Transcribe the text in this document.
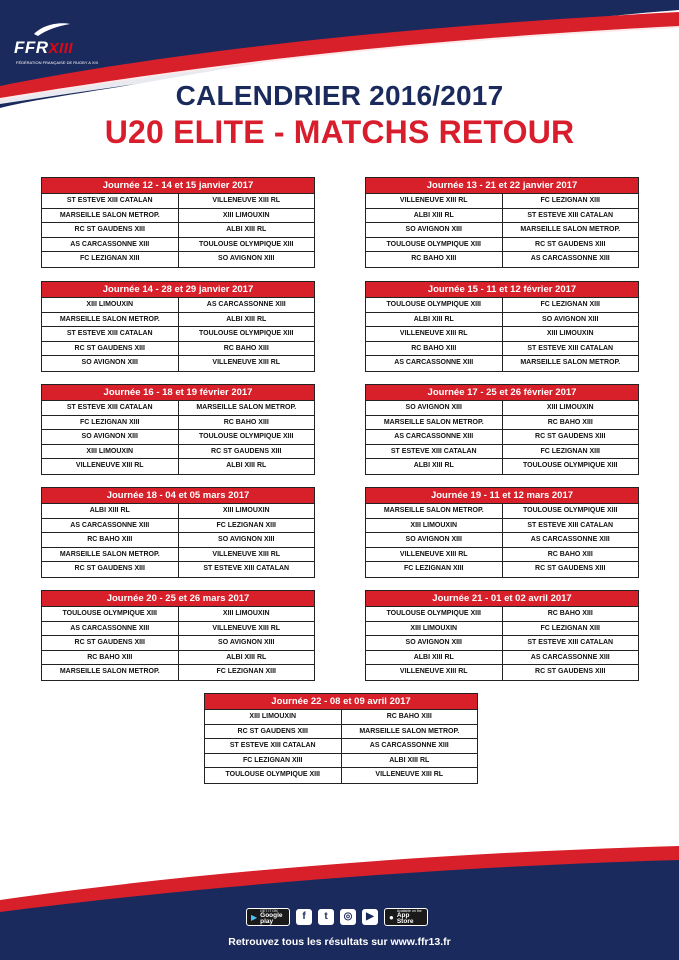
FFRXIII
FÉDÉRATION FRANÇAISE DE RUGBY A XIII
CALENDRIER 2016/2017
U20 ELITE - MATCHS RETOUR
Journée 12 - 14 et 15 janvier 2017
ST ESTEVE XIII CATALAN	VILLENEUVE XIII RL
MARSEILLE SALON METROP.	XIII LIMOUXIN
RC ST GAUDENS XIII	ALBI XIII RL
AS CARCASSONNE XIII	TOULOUSE OLYMPIQUE XIII
FC LEZIGNAN XIII	SO AVIGNON XIII
Journée 13 - 21 et 22 janvier 2017
VILLENEUVE XIII RL	FC LEZIGNAN XIII
ALBI XIII RL	ST ESTEVE XIII CATALAN
SO AVIGNON XIII	MARSEILLE SALON METROP.
TOULOUSE OLYMPIQUE XIII	RC ST GAUDENS XIII
RC BAHO XIII	AS CARCASSONNE XIII
Journée 14 - 28 et 29 janvier 2017
XIII LIMOUXIN	AS CARCASSONNE XIII
MARSEILLE SALON METROP.	ALBI XIII RL
ST ESTEVE XIII CATALAN	TOULOUSE OLYMPIQUE XIII
RC ST GAUDENS XIII	RC BAHO XIII
SO AVIGNON XIII	VILLENEUVE XIII RL
Journée 15 - 11 et 12 février 2017
TOULOUSE OLYMPIQUE XIII	FC LEZIGNAN XIII
ALBI XIII RL	SO AVIGNON XIII
VILLENEUVE XIII RL	XIII LIMOUXIN
RC BAHO XIII	ST ESTEVE XIII CATALAN
AS CARCASSONNE XIII	MARSEILLE SALON METROP.
Journée 16 - 18 et 19 février 2017
ST ESTEVE XIII CATALAN	MARSEILLE SALON METROP.
FC LEZIGNAN XIII	RC BAHO XIII
SO AVIGNON XIII	TOULOUSE OLYMPIQUE XIII
XIII LIMOUXIN	RC ST GAUDENS XIII
VILLENEUVE XIII RL	ALBI XIII RL
Journée 17 - 25 et 26 février 2017
SO AVIGNON XIII	XIII LIMOUXIN
MARSEILLE SALON METROP.	RC BAHO XIII
AS CARCASSONNE XIII	RC ST GAUDENS XIII
ST ESTEVE XIII CATALAN	FC LEZIGNAN XIII
ALBI XIII RL	TOULOUSE OLYMPIQUE XIII
Journée 18 - 04 et 05 mars 2017
ALBI XIII RL	XIII LIMOUXIN
AS CARCASSONNE XIII	FC LEZIGNAN XIII
RC BAHO XIII	SO AVIGNON XIII
MARSEILLE SALON METROP.	VILLENEUVE XIII RL
RC ST GAUDENS XIII	ST ESTEVE XIII CATALAN
Journée 19 - 11 et 12 mars 2017
MARSEILLE SALON METROP.	TOULOUSE OLYMPIQUE XIII
XIII LIMOUXIN	ST ESTEVE XIII CATALAN
SO AVIGNON XIII	AS CARCASSONNE XIII
VILLENEUVE XIII RL	RC BAHO XIII
FC LEZIGNAN XIII	RC ST GAUDENS XIII
Journée 20 - 25 et 26 mars 2017
TOULOUSE OLYMPIQUE XIII	XIII LIMOUXIN
AS CARCASSONNE XIII	VILLENEUVE XIII RL
RC ST GAUDENS XIII	SO AVIGNON XIII
RC BAHO XIII	ALBI XIII RL
MARSEILLE SALON METROP.	FC LEZIGNAN XIII
Journée 21 - 01 et 02 avril 2017
TOULOUSE OLYMPIQUE XIII	RC BAHO XIII
XIII LIMOUXIN	FC LEZIGNAN XIII
SO AVIGNON XIII	ST ESTEVE XIII CATALAN
ALBI XIII RL	AS CARCASSONNE XIII
VILLENEUVE XIII RL	RC ST GAUDENS XIII
Journée 22 - 08 et 09 avril 2017
XIII LIMOUXIN	RC BAHO XIII
RC ST GAUDENS XIII	MARSEILLE SALON METROP.
ST ESTEVE XIII CATALAN	AS CARCASSONNE XIII
FC LEZIGNAN XIII	ALBI XIII RL
TOULOUSE OLYMPIQUE XIII	VILLENEUVE XIII RL
▶
GET IT ON
Google play	f	t	◎	▶	●
Available on the
App Store
Retrouvez tous les résultats sur www.ffr13.fr
